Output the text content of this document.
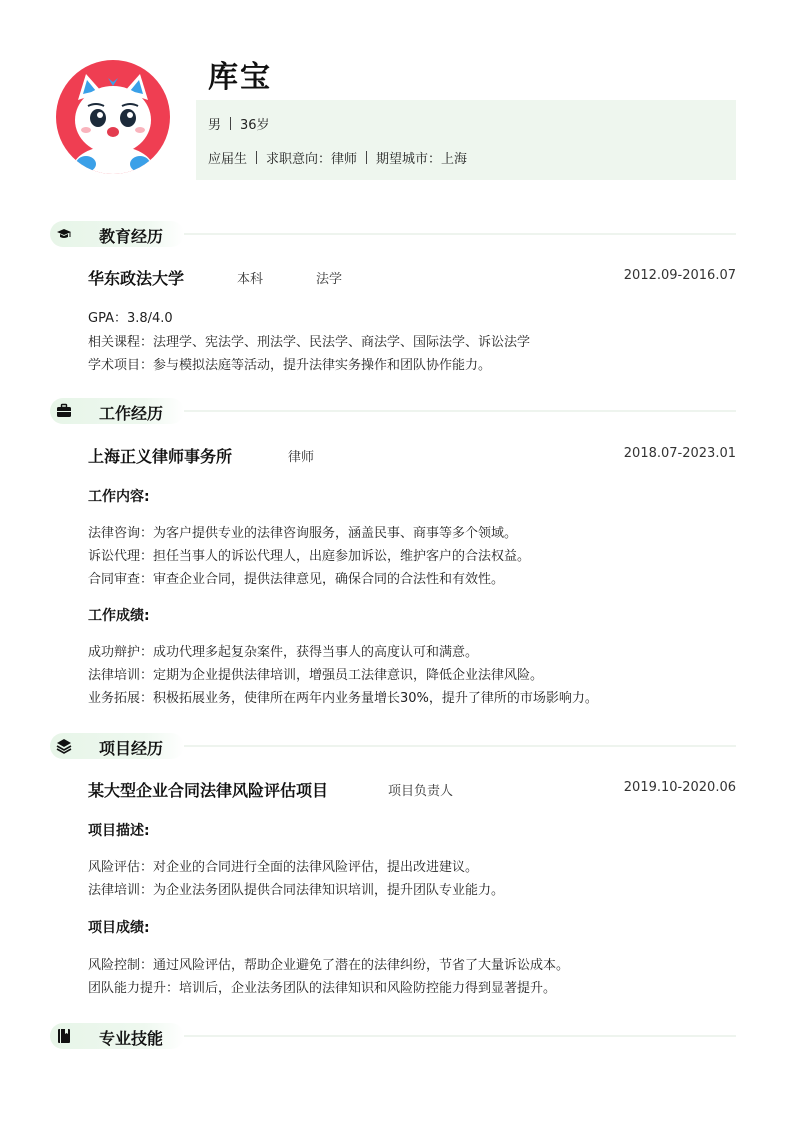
库宝
男 36岁
应届生 求职意向：律师 期望城市：上海
教育经历
华东政法大学	本科	法学	2012.09-2016.07
GPA：3.8/4.0
相关课程：法理学、宪法学、刑法学、民法学、商法学、国际法学、诉讼法学
学术项目：参与模拟法庭等活动，提升法律实务操作和团队协作能力。
工作经历
上海正义律师事务所	律师	2018.07-2023.01
工作内容:
法律咨询：为客户提供专业的法律咨询服务，涵盖民事、商事等多个领域。
诉讼代理：担任当事人的诉讼代理人，出庭参加诉讼，维护客户的合法权益。
合同审查：审查企业合同，提供法律意见，确保合同的合法性和有效性。
工作成绩:
成功辩护：成功代理多起复杂案件，获得当事人的高度认可和满意。
法律培训：定期为企业提供法律培训，增强员工法律意识，降低企业法律风险。
业务拓展：积极拓展业务，使律所在两年内业务量增长30%，提升了律所的市场影响力。
项目经历
某大型企业合同法律风险评估项目	项目负责人	2019.10-2020.06
项目描述:
风险评估：对企业的合同进行全面的法律风险评估，提出改进建议。
法律培训：为企业法务团队提供合同法律知识培训，提升团队专业能力。
项目成绩:
风险控制：通过风险评估，帮助企业避免了潜在的法律纠纷，节省了大量诉讼成本。
团队能力提升：培训后，企业法务团队的法律知识和风险防控能力得到显著提升。
专业技能
